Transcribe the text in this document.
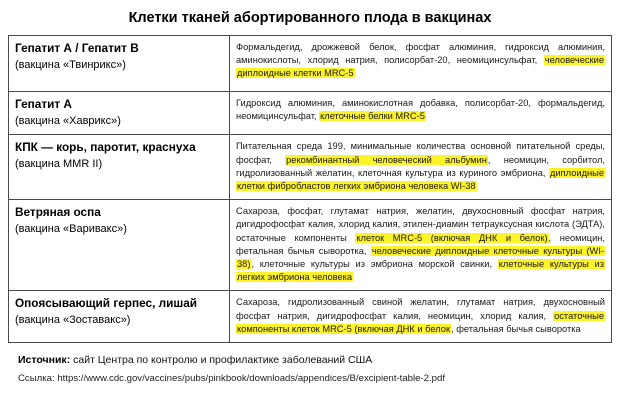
Клетки тканей абортированного плода в вакцинах
Гепатит А / Гепатит В
(вакцина «Твинрикс»)	Формальдегид, дрожжевой белок, фосфат алюминия, гидроксид алюминия, аминокислоты, хлорид натрия, полисорбат-20, неомицинсульфат, человеческие диплоидные клетки MRC-5

Гепатит А
(вакцина «Хаврикс»)	Гидроксид алюминия, аминокислотная добавка, полисорбат-20, формальдегид, неомицинсульфат, клеточные белки MRC-5

КПК — корь, паротит, краснуха
(вакцина MMR II)	Питательная среда 199, минимальные количества основной питательной среды, фосфат, рекомбинантный человеческий альбумин, неомицин, сорбитол, гидролизованный желатин, клеточная культура из куриного эмбриона, диплоидные клетки фибробластов легких эмбриона человека WI-38

Ветряная оспа
(вакцина «Варивакс»)	Сахароза, фосфат, глутамат натрия, желатин, двухосновный фосфат натрия, дигидрофосфат калия, хлорид калия, этилен-диамин тетрауксусная кислота (ЭДТА), остаточные компоненты клеток MRC-5 (включая ДНК и белок), неомицин, фетальная бычья сыворотка, человеческие диплоидные клеточные культуры (WI-38), клеточные культуры из эмбриона морской свинки, клеточные культуры из легких эмбриона человека

Опоясывающий герпес, лишай
(вакцина «Зоставакс»)	Сахароза, гидролизованный свиной желатин, глутамат натрия, двухосновный фосфат натрия, дигидрофосфат калия, неомицин, хлорид калия, остаточные компоненты клеток MRC-5 (включая ДНК и белок, фетальная бычья сыворотка
Источник: сайт Центра по контролю и профилактике заболеваний США
Ссылка: https://www.cdc.gov/vaccines/pubs/pinkbook/downloads/appendices/B/excipient-table-2.pdf
